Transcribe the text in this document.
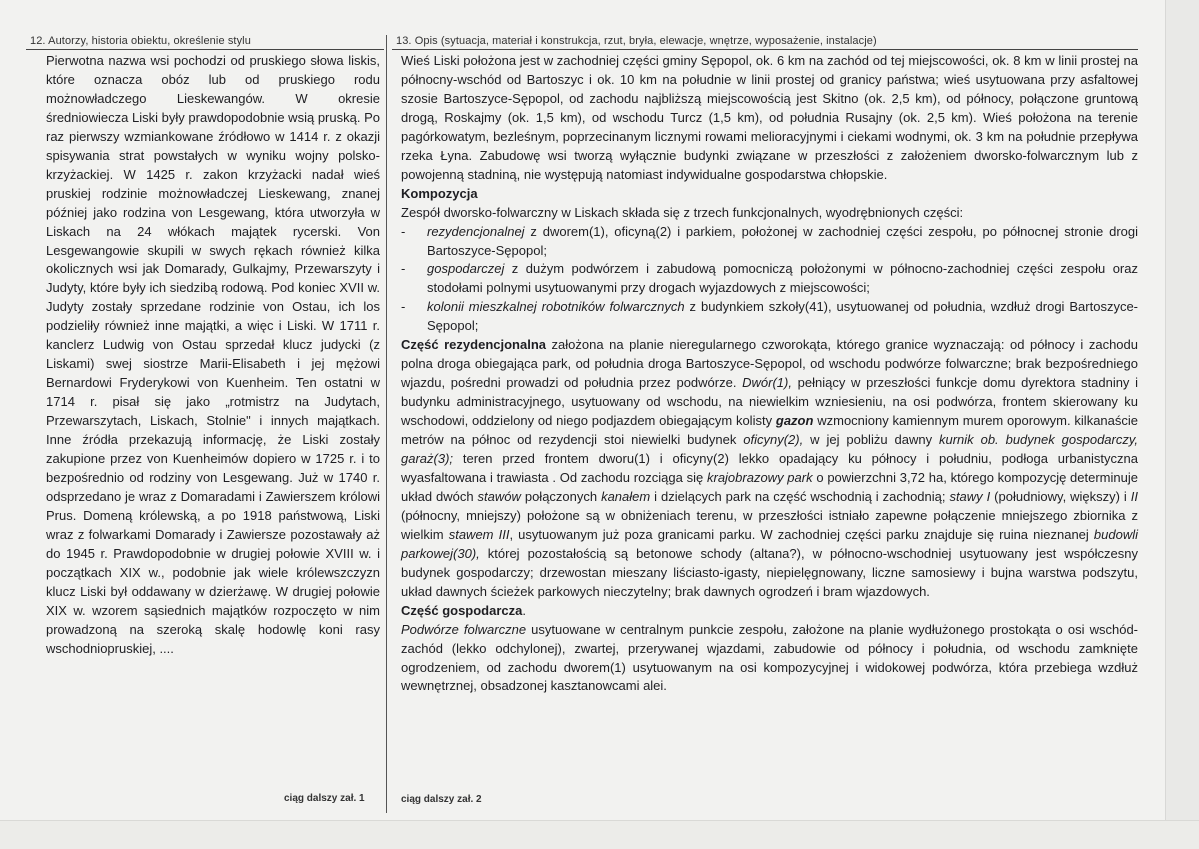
12. Autorzy, historia obiektu, określenie stylu

Pierwotna nazwa wsi pochodzi od pruskiego słowa liskis, które oznacza obóz lub od pruskiego rodu możnowładczego Lieskewangów. W okresie średniowiecza Liski były prawdopodobnie wsią pruską. Po raz pierwszy wzmiankowane źródłowo w 1414 r. z okazji spisywania strat powstałych w wyniku wojny polsko-krzyżackiej. W 1425 r. zakon krzyżacki nadał wieś pruskiej rodzinie możnowładczej Lieskewang, znanej później jako rodzina von Lesgewang, która utworzyła w Liskach na 24 włókach majątek rycerski. Von Lesgewangowie skupili w swych rękach również kilka okolicznych wsi jak Domarady, Gulkajmy, Przewarszyty i Judyty, które były ich siedzibą rodową. Pod koniec XVII w. Judyty zostały sprzedane rodzinie von Ostau, ich los podzieliły również inne majątki, a więc i Liski. W 1711 r. kanclerz Ludwig von Ostau sprzedał klucz judycki (z Liskami) swej siostrze Marii-Elisabeth i jej mężowi Bernardowi Fryderykowi von Kuenheim. Ten ostatni w 1714 r. pisał się jako „rotmistrz na Judytach, Przewarszytach, Liskach, Stolnie" i innych majątkach. Inne źródła przekazują informację, że Liski zostały zakupione przez von Kuenheimów dopiero w 1725 r. i to bezpośrednio od rodziny von Lesgewang. Już w 1740 r. odsprzedano je wraz z Domaradami i Zawierszem królowi Prus. Domeną królewską, a po 1918 państwową, Liski wraz z folwarkami Domarady i Zawiersze pozostawały aż do 1945 r. Prawdopodobnie w drugiej połowie XVIII w. i początkach XIX w., podobnie jak wiele królewszczyzn klucz Liski był oddawany w dzierżawę. W drugiej połowie XIX w. wzorem sąsiednich majątków rozpoczęto w nim prowadzoną na szeroką skalę hodowlę koni rasy wschodniopruskiej, ....

ciąg dalszy zał. 1
13. Opis (sytuacja, materiał i konstrukcja, rzut, bryła, elewacje, wnętrze, wyposażenie, instalacje)

Wieś Liski położona jest w zachodniej części gminy Sępopol, ok. 6 km na zachód od tej miejscowości, ok. 8 km w linii prostej na północny-wschód od Bartoszyc i ok. 10 km na południe w linii prostej od granicy państwa; wieś usytuowana przy asfaltowej szosie Bartoszyce-Sępopol, od zachodu najbliższą miejscowością jest Skitno (ok. 2,5 km), od północy, połączone gruntową drogą, Roskajmy (ok. 1,5 km), od wschodu Turcz (1,5 km), od południa Rusajny (ok. 2,5 km). Wieś położona na terenie pagórkowatym, bezleśnym, poprzecinanym licznymi rowami melioracyjnymi i ciekami wodnymi, ok. 3 km na południe przepływa rzeka Łyna. Zabudowę wsi tworzą wyłącznie budynki związane w przeszłości z założeniem dworsko-folwarcznym lub z powojenną stadniną, nie występują natomiast indywidualne gospodarstwa chłopskie.

Kompozycja

Zespół dworsko-folwarczny w Liskach składa się z trzech funkcjonalnych, wyodrębnionych części:

- rezydencjonalnej z dworem(1), oficyną(2) i parkiem, położonej w zachodniej części zespołu, po północnej stronie drogi Bartoszyce-Sępopol;

- gospodarczej z dużym podwórzem i zabudową pomocniczą położonymi w północno-zachodniej części zespołu oraz stodołami polnymi usytuowanymi przy drogach wyjazdowych z miejscowości;

- kolonii mieszkalnej robotników folwarcznych z budynkiem szkoły(41), usytuowanej od południa, wzdłuż drogi Bartoszyce-Sępopol;

Część rezydencjonalna założona na planie nieregularnego czworokąta, którego granice wyznaczają: od północy i zachodu polna droga obiegająca park, od południa droga Bartoszyce-Sępopol, od wschodu podwórze folwarczne; brak bezpośredniego wjazdu, pośredni prowadzi od południa przez podwórze. Dwór(1), pełniący w przeszłości funkcje domu dyrektora stadniny i budynku administracyjnego, usytuowany od wschodu, na niewielkim wzniesieniu, na osi podwórza, frontem skierowany ku wschodowi, oddzielony od niego podjazdem obiegającym kolisty gazon wzmocniony kamiennym murem oporowym. kilkanaście metrów na północ od rezydencji stoi niewielki budynek oficyny(2), w jej pobliżu dawny kurnik ob. budynek gospodarczy, garaż(3); teren przed frontem dworu(1) i oficyny(2) lekko opadający ku północy i południu, podłoga urbanistyczna wyasfaltowana i trawiasta . Od zachodu rozciąga się krajobrazowy park o powierzchni 3,72 ha, którego kompozycję determinuje układ dwóch stawów połączonych kanałem i dzielących park na część wschodnią i zachodnią; stawy I (południowy, większy) i II (północny, mniejszy) położone są w obniżeniach terenu, w przeszłości istniało zapewne połączenie mniejszego zbiornika z wielkim stawem III, usytuowanym już poza granicami parku. W zachodniej części parku znajduje się ruina nieznanej budowli parkowej(30), której pozostałością są betonowe schody (altana?), w północno-wschodniej usytuowany jest współczesny budynek gospodarczy; drzewostan mieszany liściasto-igasty, niepielęgnowany, liczne samosiewy i bujna warstwa podszytu, układ dawnych ścieżek parkowych nieczytelny; brak dawnych ogrodzeń i bram wjazdowych.

Część gospodarcza.

Podwórze folwarczne usytuowane w centralnym punkcie zespołu, założone na planie wydłużonego prostokąta o osi wschód-zachód (lekko odchylonej), zwartej, przerywanej wjazdami, zabudowie od północy i południa, od wschodu zamknięte ogrodzeniem, od zachodu dworem(1) usytuowanym na osi kompozycyjnej i widokowej podwórza, która przebiega wzdłuż wewnętrznej, obsadzonej kasztanowcami alei.

ciąg dalszy zał. 2
